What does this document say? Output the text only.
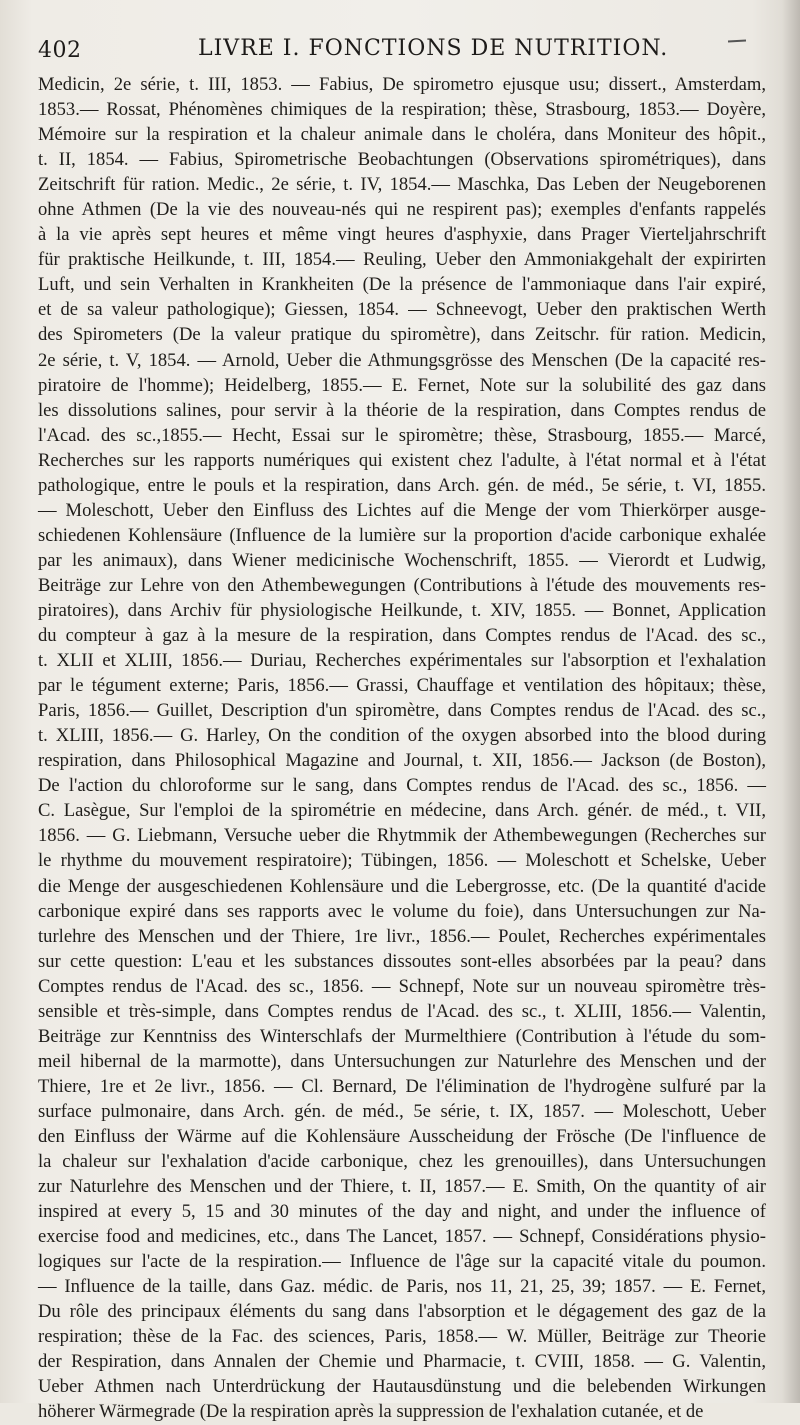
402	LIVRE I. FONCTIONS DE NUTRITION.
Medicin, 2e série, t. III, 1853. — Fabius, De spirometro ejusque usu; dissert., Amsterdam,
1853.— Rossat, Phénomènes chimiques de la respiration; thèse, Strasbourg, 1853.— Doyère,
Mémoire sur la respiration et la chaleur animale dans le choléra, dans Moniteur des hôpit.,
t. II, 1854. — Fabius, Spirometrische Beobachtungen (Observations spirométriques), dans
Zeitschrift für ration. Medic., 2e série, t. IV, 1854.— Maschka, Das Leben der Neugeborenen
ohne Athmen (De la vie des nouveau-nés qui ne respirent pas); exemples d'enfants rappelés
à la vie après sept heures et même vingt heures d'asphyxie, dans Prager Vierteljahrschrift
für praktische Heilkunde, t. III, 1854.— Reuling, Ueber den Ammoniakgehalt der expirirten
Luft, und sein Verhalten in Krankheiten (De la présence de l'ammoniaque dans l'air expiré,
et de sa valeur pathologique); Giessen, 1854. — Schneevogt, Ueber den praktischen Werth
des Spirometers (De la valeur pratique du spiromètre), dans Zeitschr. für ration. Medicin,
2e série, t. V, 1854. — Arnold, Ueber die Athmungsgrösse des Menschen (De la capacité res-
piratoire de l'homme); Heidelberg, 1855.— E. Fernet, Note sur la solubilité des gaz dans
les dissolutions salines, pour servir à la théorie de la respiration, dans Comptes rendus de
l'Acad. des sc.,1855.— Hecht, Essai sur le spiromètre; thèse, Strasbourg, 1855.— Marcé,
Recherches sur les rapports numériques qui existent chez l'adulte, à l'état normal et à l'état
pathologique, entre le pouls et la respiration, dans Arch. gén. de méd., 5e série, t. VI, 1855.
— Moleschott, Ueber den Einfluss des Lichtes auf die Menge der vom Thierkörper ausge-
schiedenen Kohlensäure (Influence de la lumière sur la proportion d'acide carbonique exhalée
par les animaux), dans Wiener medicinische Wochenschrift, 1855. — Vierordt et Ludwig,
Beiträge zur Lehre von den Athembewegungen (Contributions à l'étude des mouvements res-
piratoires), dans Archiv für physiologische Heilkunde, t. XIV, 1855. — Bonnet, Application
du compteur à gaz à la mesure de la respiration, dans Comptes rendus de l'Acad. des sc.,
t. XLII et XLIII, 1856.— Duriau, Recherches expérimentales sur l'absorption et l'exhalation
par le tégument externe; Paris, 1856.— Grassi, Chauffage et ventilation des hôpitaux; thèse,
Paris, 1856.— Guillet, Description d'un spiromètre, dans Comptes rendus de l'Acad. des sc.,
t. XLIII, 1856.— G. Harley, On the condition of the oxygen absorbed into the blood during
respiration, dans Philosophical Magazine and Journal, t. XII, 1856.— Jackson (de Boston),
De l'action du chloroforme sur le sang, dans Comptes rendus de l'Acad. des sc., 1856. —
C. Lasègue, Sur l'emploi de la spirométrie en médecine, dans Arch. génér. de méd., t. VII,
1856. — G. Liebmann, Versuche ueber die Rhytmmik der Athembewegungen (Recherches sur
le rhythme du mouvement respiratoire); Tübingen, 1856. — Moleschott et Schelske, Ueber
die Menge der ausgeschiedenen Kohlensäure und die Lebergrosse, etc. (De la quantité d'acide
carbonique expiré dans ses rapports avec le volume du foie), dans Untersuchungen zur Na-
turlehre des Menschen und der Thiere, 1re livr., 1856.— Poulet, Recherches expérimentales
sur cette question: L'eau et les substances dissoutes sont-elles absorbées par la peau? dans
Comptes rendus de l'Acad. des sc., 1856. — Schnepf, Note sur un nouveau spiromètre très-
sensible et très-simple, dans Comptes rendus de l'Acad. des sc., t. XLIII, 1856.— Valentin,
Beiträge zur Kenntniss des Winterschlafs der Murmelthiere (Contribution à l'étude du som-
meil hibernal de la marmotte), dans Untersuchungen zur Naturlehre des Menschen und der
Thiere, 1re et 2e livr., 1856. — Cl. Bernard, De l'élimination de l'hydrogène sulfuré par la
surface pulmonaire, dans Arch. gén. de méd., 5e série, t. IX, 1857. — Moleschott, Ueber
den Einfluss der Wärme auf die Kohlensäure Ausscheidung der Frösche (De l'influence de
la chaleur sur l'exhalation d'acide carbonique, chez les grenouilles), dans Untersuchungen
zur Naturlehre des Menschen und der Thiere, t. II, 1857.— E. Smith, On the quantity of air
inspired at every 5, 15 and 30 minutes of the day and night, and under the influence of
exercise food and medicines, etc., dans The Lancet, 1857. — Schnepf, Considérations physio-
logiques sur l'acte de la respiration.— Influence de l'âge sur la capacité vitale du poumon.
— Influence de la taille, dans Gaz. médic. de Paris, nos 11, 21, 25, 39; 1857. — E. Fernet,
Du rôle des principaux éléments du sang dans l'absorption et le dégagement des gaz de la
respiration; thèse de la Fac. des sciences, Paris, 1858.— W. Müller, Beiträge zur Theorie
der Respiration, dans Annalen der Chemie und Pharmacie, t. CVIII, 1858. — G. Valentin,
Ueber Athmen nach Unterdrückung der Hautausdünstung und die belebenden Wirkungen
höherer Wärmegrade (De la respiration après la suppression de l'exhalation cutanée, et de
